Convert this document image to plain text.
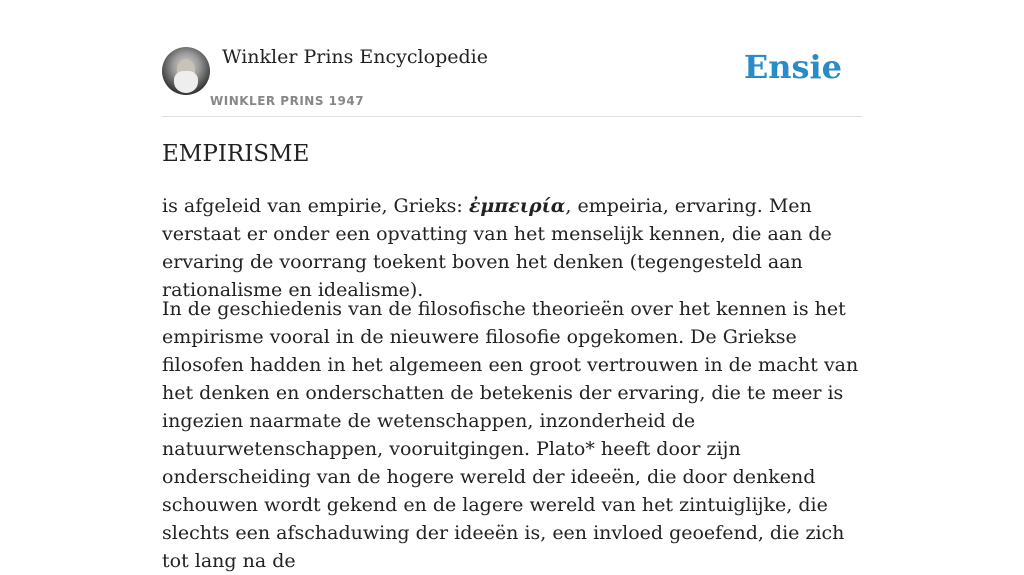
Winkler Prins Encyclopedie
WINKLER PRINS 1947
Ensie
EMPIRISME

is afgeleid van empirie, Grieks: ἐμπειρία, empeiria, ervaring. Men verstaat er onder een opvatting van het menselijk kennen, die aan de ervaring de voorrang toekent boven het denken (tegengesteld aan rationalisme en idealisme).

In de geschiedenis van de filosofische theorieën over het kennen is het empirisme vooral in de nieuwere filosofie opgekomen. De Griekse filosofen hadden in het algemeen een groot vertrouwen in de macht van het denken en onderschatten de betekenis der ervaring, die te meer is ingezien naarmate de wetenschappen, inzonderheid de natuurwetenschappen, vooruitgingen. Plato* heeft door zijn onderscheiding van de hogere wereld der ideeën, die door denkend schouwen wordt gekend en de lagere wereld van het zintuiglijke, die slechts een afschaduwing der ideeën is, een invloed geoefend, die zich tot lang na de
